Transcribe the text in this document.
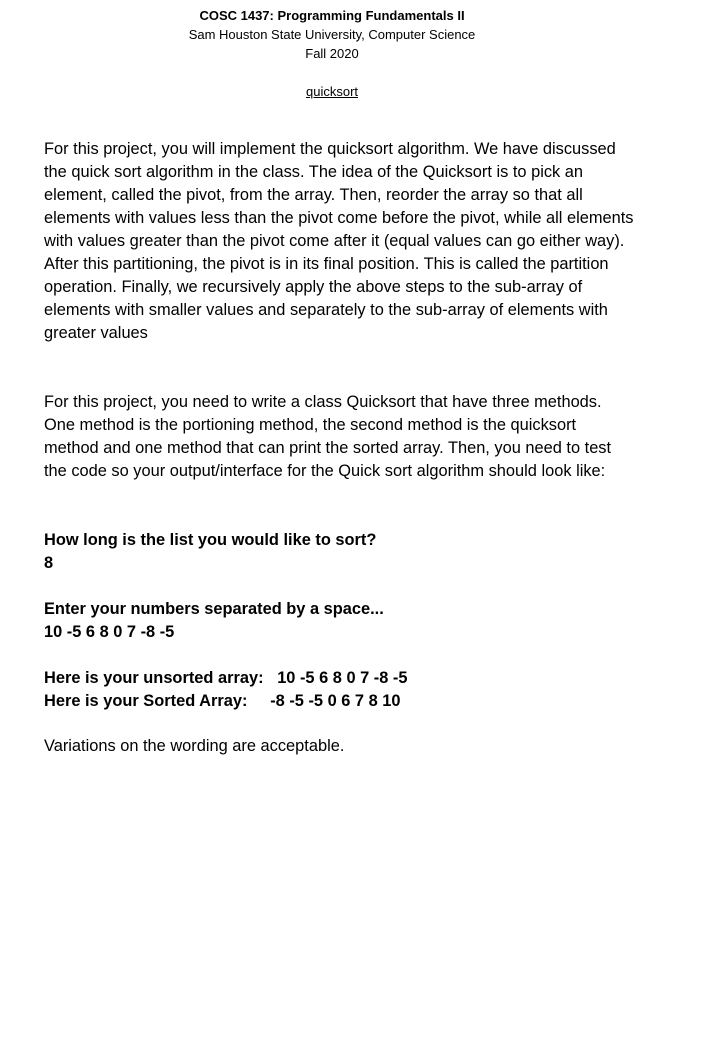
COSC 1437: Programming Fundamentals II
Sam Houston State University, Computer Science
Fall 2020
quicksort
For this project, you will implement the quicksort algorithm. We have discussed the quick sort algorithm in the class. The idea of the Quicksort is to pick an element, called the pivot, from the array. Then, reorder the array so that all elements with values less than the pivot come before the pivot, while all elements with values greater than the pivot come after it (equal values can go either way). After this partitioning, the pivot is in its final position. This is called the partition operation. Finally, we recursively apply the above steps to the sub-array of elements with smaller values and separately to the sub-array of elements with greater values
For this project, you need to write a class Quicksort that have three methods. One method is the portioning method, the second method is the quicksort method and one method that can print the sorted array. Then, you need to test the code so your output/interface for the Quick sort algorithm should look like:
How long is the list you would like to sort?
8
Enter your numbers separated by a space...
10 -5 6 8 0 7 -8 -5
Here is your unsorted array:   10 -5 6 8 0 7 -8 -5
Here is your Sorted Array:     -8 -5 -5 0 6 7 8 10
Variations on the wording are acceptable.
